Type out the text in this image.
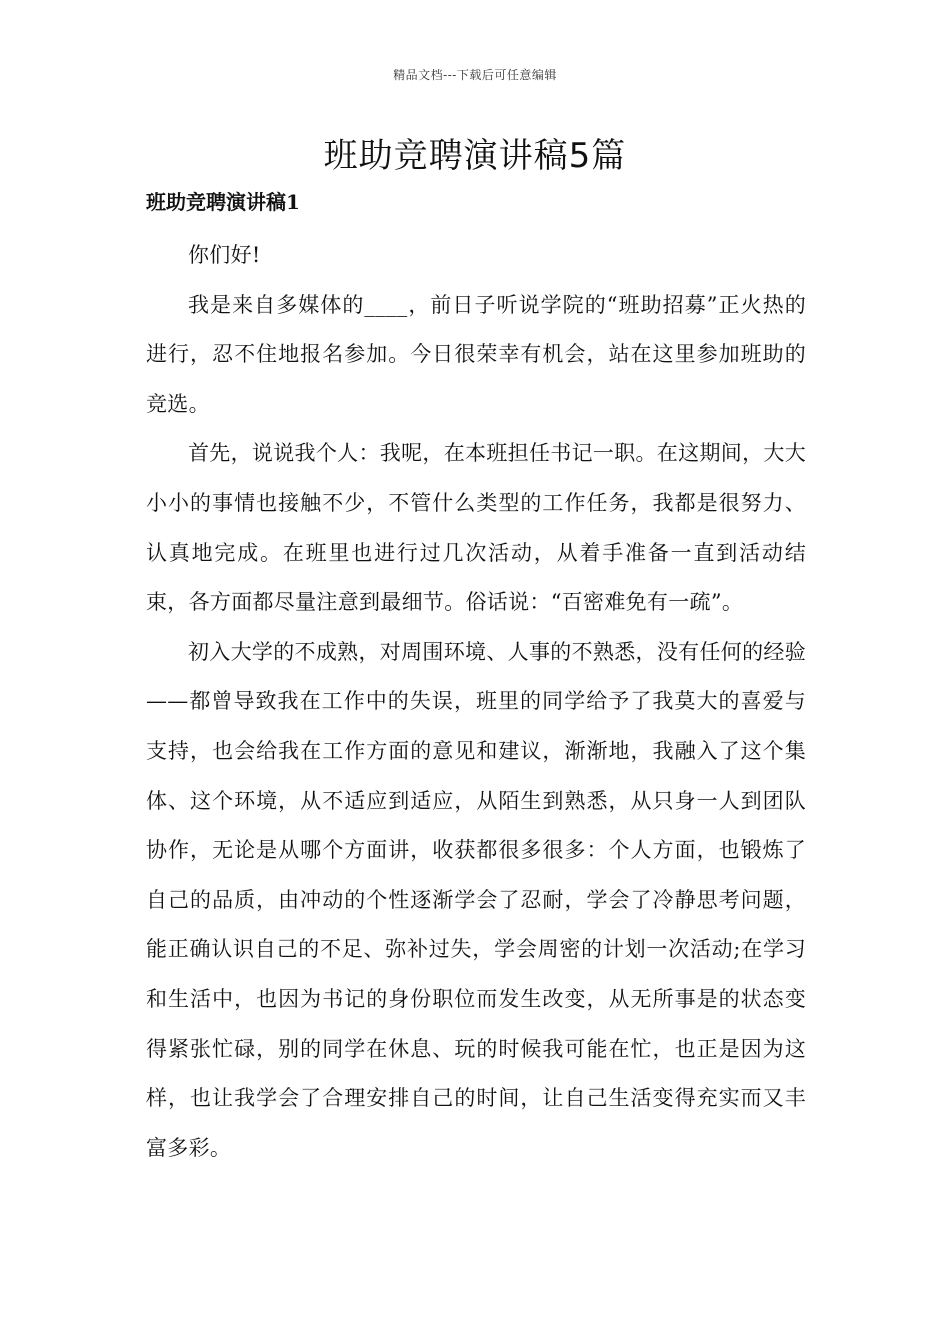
精品文档---下载后可任意编辑
班助竞聘演讲稿5篇
班助竞聘演讲稿1

你们好!

我是来自多媒体的____，前日子听说学院的“班助招募”正火热的进行，忍不住地报名参加。今日很荣幸有机会，站在这里参加班助的竞选。

首先，说说我个人：我呢，在本班担任书记一职。在这期间，大大小小的事情也接触不少，不管什么类型的工作任务，我都是很努力、认真地完成。在班里也进行过几次活动，从着手准备一直到活动结束，各方面都尽量注意到最细节。俗话说：“百密难免有一疏”。

初入大学的不成熟，对周围环境、人事的不熟悉，没有任何的经验——都曾导致我在工作中的失误，班里的同学给予了我莫大的喜爱与支持，也会给我在工作方面的意见和建议，渐渐地，我融入了这个集体、这个环境，从不适应到适应，从陌生到熟悉，从只身一人到团队协作，无论是从哪个方面讲，收获都很多很多：个人方面，也锻炼了自己的品质，由冲动的个性逐渐学会了忍耐，学会了冷静思考问题，能正确认识自己的不足、弥补过失，学会周密的计划一次活动;在学习和生活中，也因为书记的身份职位而发生改变，从无所事是的状态变得紧张忙碌，别的同学在休息、玩的时候我可能在忙，也正是因为这样，也让我学会了合理安排自己的时间，让自己生活变得充实而又丰富多彩。
